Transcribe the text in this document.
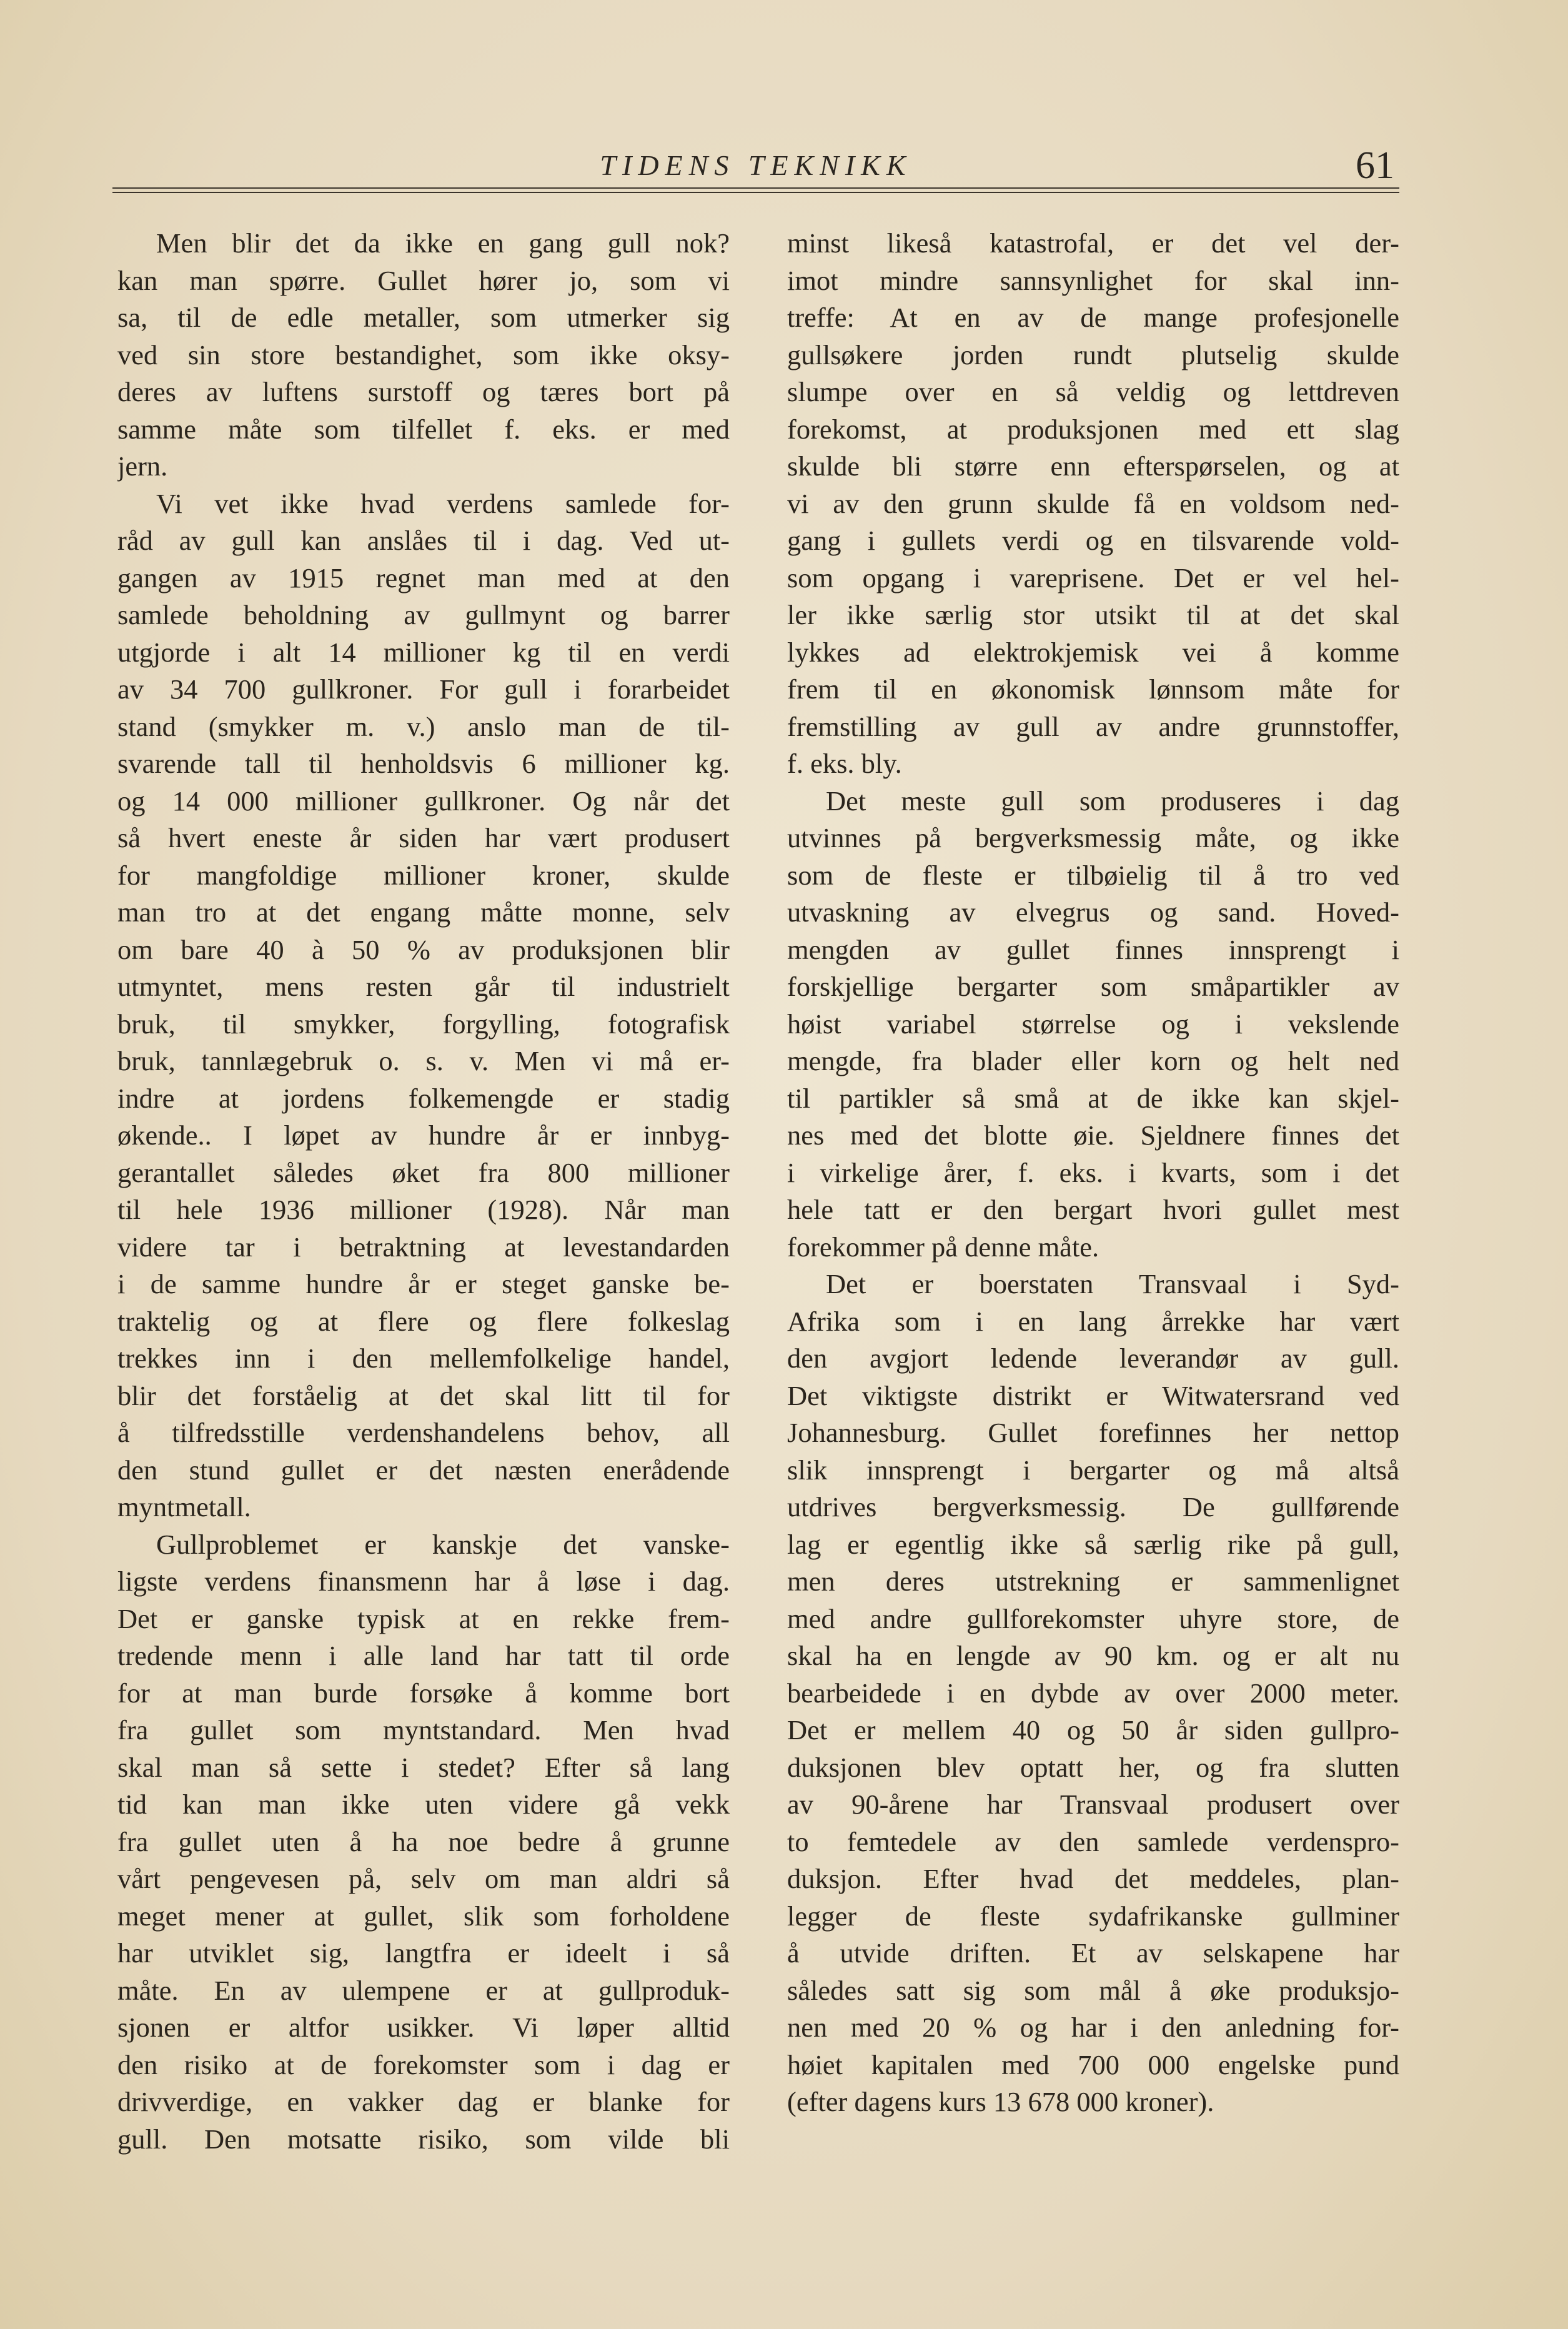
TIDENS TEKNIKK	61
Men blir det da ikke en gang gull nok?
kan man spørre. Gullet hører jo, som vi
sa, til de edle metaller, som utmerker sig
ved sin store bestandighet, som ikke oksy-
deres av luftens surstoff og tæres bort på
samme måte som tilfellet f. eks. er med
jern.
Vi vet ikke hvad verdens samlede for-
råd av gull kan anslåes til i dag. Ved ut-
gangen av 1915 regnet man med at den
samlede beholdning av gullmynt og barrer
utgjorde i alt 14 millioner kg til en verdi
av 34 700 gullkroner. For gull i forarbeidet
stand (smykker m. v.) anslo man de til-
svarende tall til henholdsvis 6 millioner kg.
og 14 000 millioner gullkroner. Og når det
så hvert eneste år siden har vært produsert
for mangfoldige millioner kroner, skulde
man tro at det engang måtte monne, selv
om bare 40 à 50 % av produksjonen blir
utmyntet, mens resten går til industrielt
bruk, til smykker, forgylling, fotografisk
bruk, tannlægebruk o. s. v. Men vi må er-
indre at jordens folkemengde er stadig
økende.. I løpet av hundre år er innbyg-
gerantallet således øket fra 800 millioner
til hele 1936 millioner (1928). Når man
videre tar i betraktning at levestandarden
i de samme hundre år er steget ganske be-
traktelig og at flere og flere folkeslag
trekkes inn i den mellemfolkelige handel,
blir det forståelig at det skal litt til for
å tilfredsstille verdenshandelens behov, all
den stund gullet er det næsten enerådende
myntmetall.
Gullproblemet er kanskje det vanske-
ligste verdens finansmenn har å løse i dag.
Det er ganske typisk at en rekke frem-
tredende menn i alle land har tatt til orde
for at man burde forsøke å komme bort
fra gullet som myntstandard. Men hvad
skal man så sette i stedet? Efter så lang
tid kan man ikke uten videre gå vekk
fra gullet uten å ha noe bedre å grunne
vårt pengevesen på, selv om man aldri så
meget mener at gullet, slik som forholdene
har utviklet sig, langtfra er ideelt i så
måte. En av ulempene er at gullproduk-
sjonen er altfor usikker. Vi løper alltid
den risiko at de forekomster som i dag er
drivverdige, en vakker dag er blanke for
gull. Den motsatte risiko, som vilde bli
minst likeså katastrofal, er det vel der-
imot mindre sannsynlighet for skal inn-
treffe: At en av de mange profesjonelle
gullsøkere jorden rundt plutselig skulde
slumpe over en så veldig og lettdreven
forekomst, at produksjonen med ett slag
skulde bli større enn efterspørselen, og at
vi av den grunn skulde få en voldsom ned-
gang i gullets verdi og en tilsvarende vold-
som opgang i vareprisene. Det er vel hel-
ler ikke særlig stor utsikt til at det skal
lykkes ad elektrokjemisk vei å komme
frem til en økonomisk lønnsom måte for
fremstilling av gull av andre grunnstoffer,
f. eks. bly.
Det meste gull som produseres i dag
utvinnes på bergverksmessig måte, og ikke
som de fleste er tilbøielig til å tro ved
utvaskning av elvegrus og sand. Hoved-
mengden av gullet finnes innsprengt i
forskjellige bergarter som småpartikler av
høist variabel størrelse og i vekslende
mengde, fra blader eller korn og helt ned
til partikler så små at de ikke kan skjel-
nes med det blotte øie. Sjeldnere finnes det
i virkelige årer, f. eks. i kvarts, som i det
hele tatt er den bergart hvori gullet mest
forekommer på denne måte.
Det er boerstaten Transvaal i Syd-
Afrika som i en lang årrekke har vært
den avgjort ledende leverandør av gull.
Det viktigste distrikt er Witwatersrand ved
Johannesburg. Gullet forefinnes her nettop
slik innsprengt i bergarter og må altså
utdrives bergverksmessig. De gullførende
lag er egentlig ikke så særlig rike på gull,
men deres utstrekning er sammenlignet
med andre gullforekomster uhyre store, de
skal ha en lengde av 90 km. og er alt nu
bearbeidede i en dybde av over 2000 meter.
Det er mellem 40 og 50 år siden gullpro-
duksjonen blev optatt her, og fra slutten
av 90-årene har Transvaal produsert over
to femtedele av den samlede verdenspro-
duksjon. Efter hvad det meddeles, plan-
legger de fleste sydafrikanske gullminer
å utvide driften. Et av selskapene har
således satt sig som mål å øke produksjo-
nen med 20 % og har i den anledning for-
høiet kapitalen med 700 000 engelske pund
(efter dagens kurs 13 678 000 kroner).
